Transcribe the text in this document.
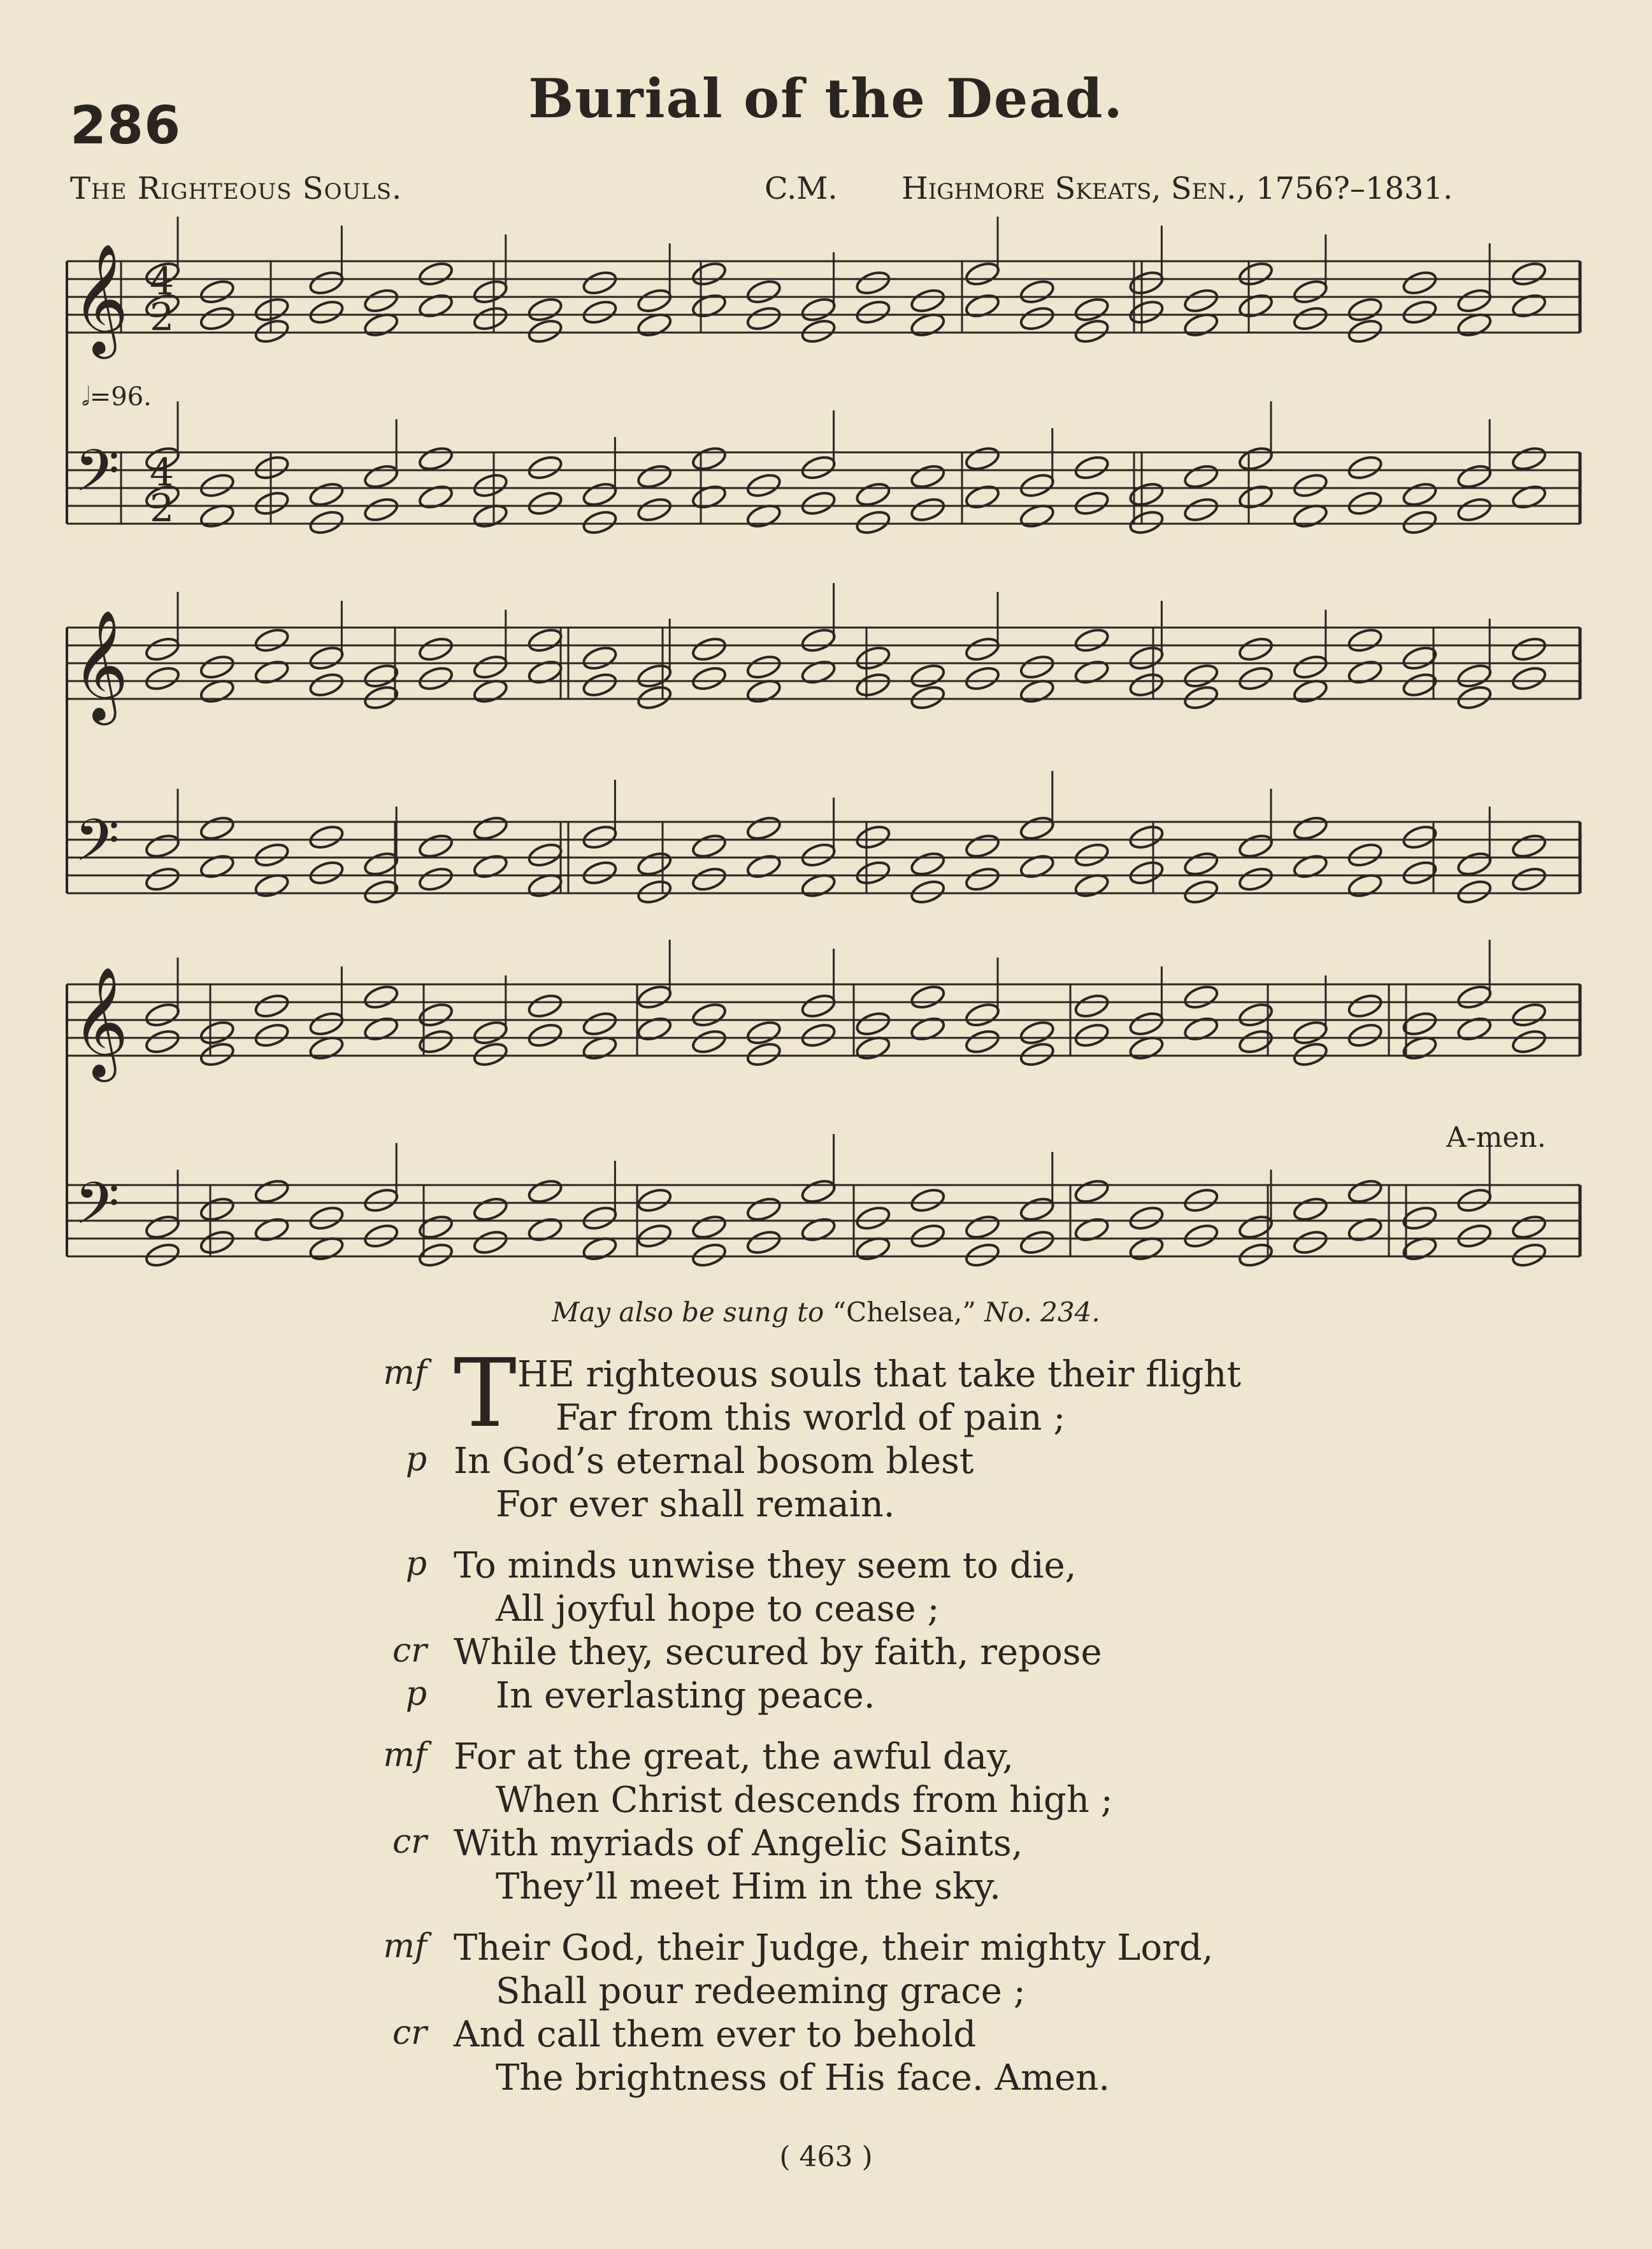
286	Burial of the Dead.
The Righteous Souls.	C.M. Highmore Skeats, Sen., 1756?–1831.
𝄞
𝄢
𝄞
𝄢
𝄞
𝄢
4
2
4
2
𝅗𝅥=96.
A-men.
May also be sung to “Chelsea,” No. 234.
mf T HE righteous souls that take their flight
Far from this world of pain ;
p In God’s eternal bosom blest
For ever shall remain.
p To minds unwise they seem to die,
All joyful hope to cease ;
cr While they, secured by faith, repose
p In everlasting peace.
mf For at the great, the awful day,
When Christ descends from high ;
cr With myriads of Angelic Saints,
They’ll meet Him in the sky.
mf Their God, their Judge, their mighty Lord,
Shall pour redeeming grace ;
cr And call them ever to behold
The brightness of His face. Amen.
( 463 )
